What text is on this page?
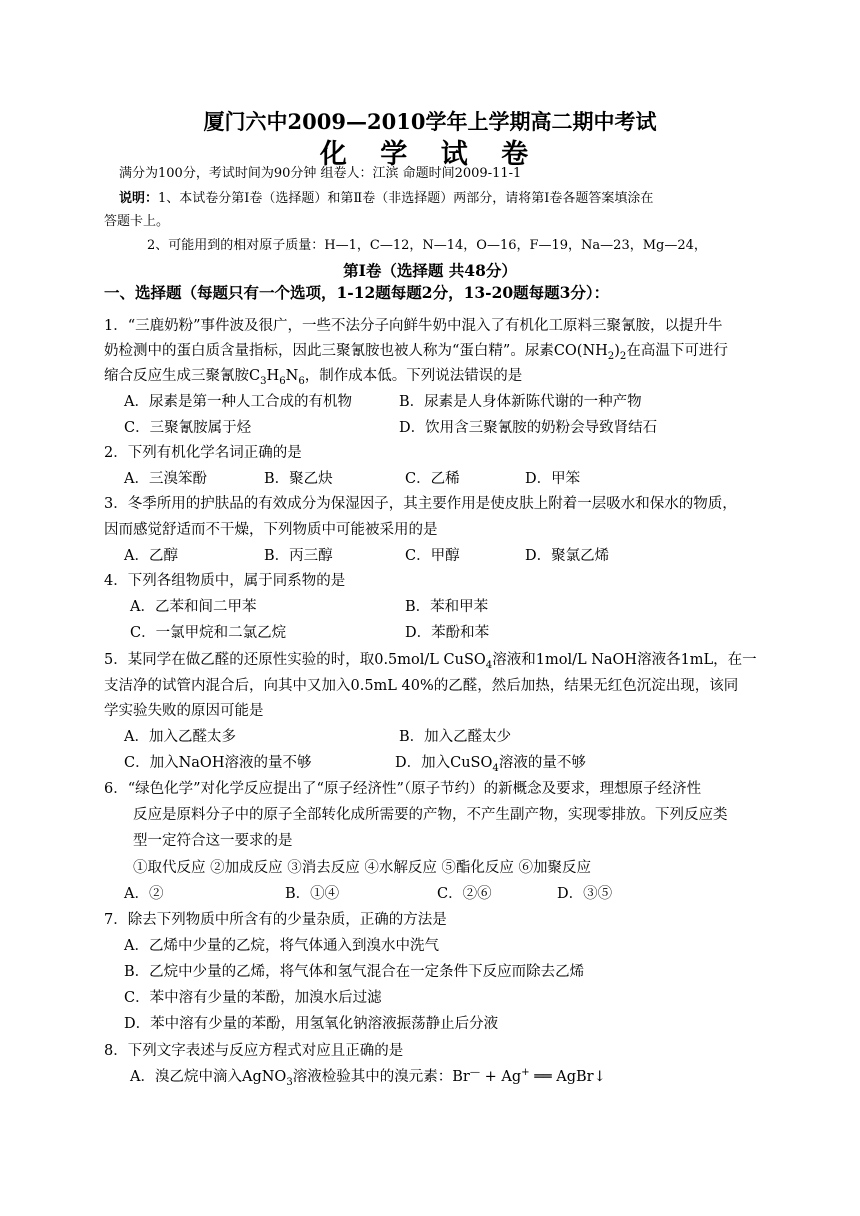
厦门六中2009—2010学年上学期高二期中考试
化 学 试 卷
满分为100分，考试时间为90分钟 组卷人：江滨 命题时间2009-11-1
说明：1、本试卷分第Ⅰ卷（选择题）和第Ⅱ卷（非选择题）两部分，请将第Ⅰ卷各题答案填涂在
答题卡上。
2、可能用到的相对原子质量：H—1，C—12，N—14，O—16，F—19，Na—23，Mg—24，
第Ⅰ卷（选择题 共48分）
一、选择题（每题只有一个选项，1-12题每题2分，13-20题每题3分）：
1．“三鹿奶粉”事件波及很广，一些不法分子向鲜牛奶中混入了有机化工原料三聚氰胺，以提升牛
奶检测中的蛋白质含量指标，因此三聚氰胺也被人称为“蛋白精”。尿素$CO(NH_2)_2$在高温下可进行
缩合反应生成三聚氰胺$C_3H_6N_6$，制作成本低。下列说法错误的是
A．尿素是第一种人工合成的有机物	B．尿素是人身体新陈代谢的一种产物
C．三聚氰胺属于烃	D．饮用含三聚氰胺的奶粉会导致肾结石
2．下列有机化学名词正确的是
A．三溴笨酚	B．聚乙炔	C．乙稀	D．甲笨
3．冬季所用的护肤品的有效成分为保湿因子，其主要作用是使皮肤上附着一层吸水和保水的物质，
因而感觉舒适而不干燥，下列物质中可能被采用的是
A．乙醇	B．丙三醇	C．甲醇	D．聚氯乙烯
4．下列各组物质中，属于同系物的是
A．乙苯和间二甲苯	B．苯和甲苯
C．一氯甲烷和二氯乙烷	D．苯酚和苯
5．某同学在做乙醛的还原性实验的时，取0.5mol/L CuSO$_4$溶液和1mol/L NaOH溶液各1mL，在一
支洁净的试管内混合后，向其中又加入0.5mL 40%的乙醛，然后加热，结果无红色沉淀出现，该同
学实验失败的原因可能是
A．加入乙醛太多	B．加入乙醛太少
C．加入NaOH溶液的量不够	D．加入CuSO$_4$溶液的量不够
6．“绿色化学”对化学反应提出了“原子经济性”（原子节约）的新概念及要求，理想原子经济性
反应是原料分子中的原子全部转化成所需要的产物，不产生副产物，实现零排放。下列反应类
型一定符合这一要求的是
①取代反应 ②加成反应 ③消去反应 ④水解反应 ⑤酯化反应 ⑥加聚反应
A．②	B．①④	C．②⑥	D．③⑤
7．除去下列物质中所含有的少量杂质，正确的方法是
A．乙烯中少量的乙烷，将气体通入到溴水中洗气
B．乙烷中少量的乙烯，将气体和氢气混合在一定条件下反应而除去乙烯
C．苯中溶有少量的苯酚，加溴水后过滤
D．苯中溶有少量的苯酚，用氢氧化钠溶液振荡静止后分液
8．下列文字表述与反应方程式对应且正确的是
A．溴乙烷中滴入AgNO$_3$溶液检验其中的溴元素：Br— + Ag+ ══ AgBr↓
